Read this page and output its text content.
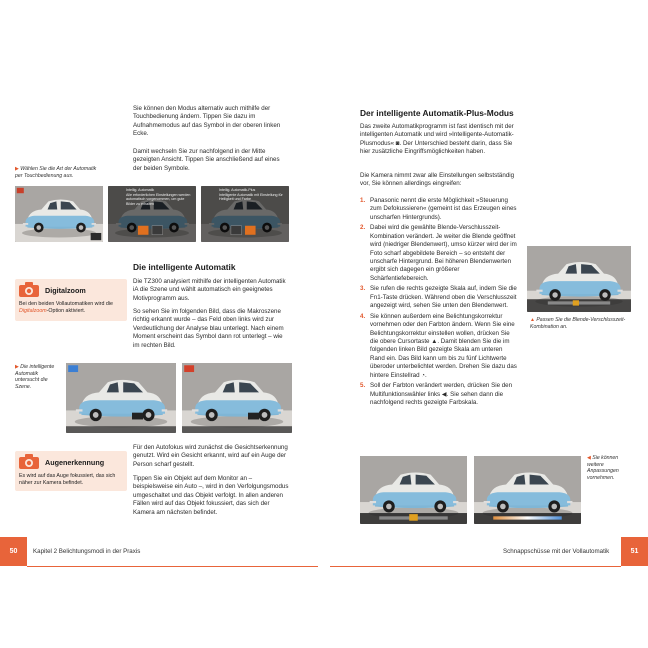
Sie können den Modus alternativ auch mithilfe der Touchbedienung ändern. Tippen Sie dazu im Aufnahmemodus auf das Symbol in der oberen linken Ecke.

Damit wechseln Sie zur nachfolgend in der Mitte gezeigten Ansicht. Tippen Sie anschließend auf eines der beiden Symbole.

▶ Wählen Sie die Art der Automatik per Touchbedienung aus.
Intellig. Automatik
Alle erforderlichen Einstellungen werden automatisch vorgenommen, um gute Bilder zu erhalten
Intellig. Automatik-Plus
Intelligente Automatik mit Einstellung für Helligkeit und Farbe
Die intelligente Automatik

Die TZ300 analysiert mithilfe der intelligenten Automatik iA die Szene und wählt automatisch ein geeignetes Motivprogramm aus.

So sehen Sie im folgenden Bild, dass die Makroszene richtig erkannt wurde – das Feld oben links wird zur Verdeutlichung der Analyse blau unterlegt. Nach einem Moment erscheint das Symbol dann rot unterlegt – wie im rechten Bild.

Digitalzoom
Bei den beiden Vollautomatiken wird die Digitalzoom-Option aktiviert.
▶ Die intelligente Automatik untersucht die Szene.
Augenerkennung
Es wird auf das Auge fokussiert, das sich näher zur Kamera befindet.

Für den Autofokus wird zunächst die Gesichtserkennung genutzt. Wird ein Gesicht erkannt, wird auf ein Auge der Person scharf gestellt.

Tippen Sie ein Objekt auf dem Monitor an – beispielsweise ein Auto –, wird in den Verfolgungsmodus umgeschaltet und das Objekt verfolgt. In allen anderen Fällen wird auf das Objekt fokussiert, das sich der Kamera am nächsten befindet.

50	Kapitel 2 Belichtungsmodi in der Praxis
Der intelligente Automatik-Plus-Modus

Das zweite Automatikprogramm ist fast identisch mit der intelligenten Automatik und wird »Intelligente-Automatik-Plusmodus« ◙. Der Unterschied besteht darin, dass Sie hier zusätzliche Eingriffsmöglichkeiten haben.

Die Kamera nimmt zwar alle Einstellungen selbstständig vor, Sie können allerdings eingreifen:

1. Panasonic nennt die erste Möglichkeit »Steuerung zum Defokussieren« (gemeint ist das Erzeugen eines unscharfen Hintergrunds).
2. Dabei wird die gewählte Blende-Verschlusszeit-Kombination verändert. Je weiter die Blende geöffnet wird (niedriger Blendenwert), umso kürzer wird der im Foto scharf abgebildete Bereich – so entsteht der unscharfe Hintergrund. Bei höheren Blendenwerten ergibt sich dagegen ein größerer Schärfentiefebereich.
3. Sie rufen die rechts gezeigte Skala auf, indem Sie die Fn1-Taste drücken. Während oben die Verschlusszeit angezeigt wird, sehen Sie unten den Blendenwert.
4. Sie können außerdem eine Belichtungskorrektur vornehmen oder den Farbton ändern. Wenn Sie eine Belichtungskorrektur einstellen wollen, drücken Sie die obere Cursortaste ▲. Damit blenden Sie die im folgenden linken Bild gezeigte Skala am unteren Rand ein. Das Bild kann um bis zu fünf Lichtwerte überoder unterbelichtet werden. Drehen Sie dazu das hintere Einstellrad ◔.
5. Soll der Farbton verändert werden, drücken Sie den Multifunktionswähler links ◀. Sie sehen dann die nachfolgend rechts gezeigte Farbskala.
▲ Passen Sie die Blende-Verschlusszeit-Kombination an.
◀ Sie können weitere Anpassungen vornehmen.
51
Schnappschüsse mit der Vollautomatik
